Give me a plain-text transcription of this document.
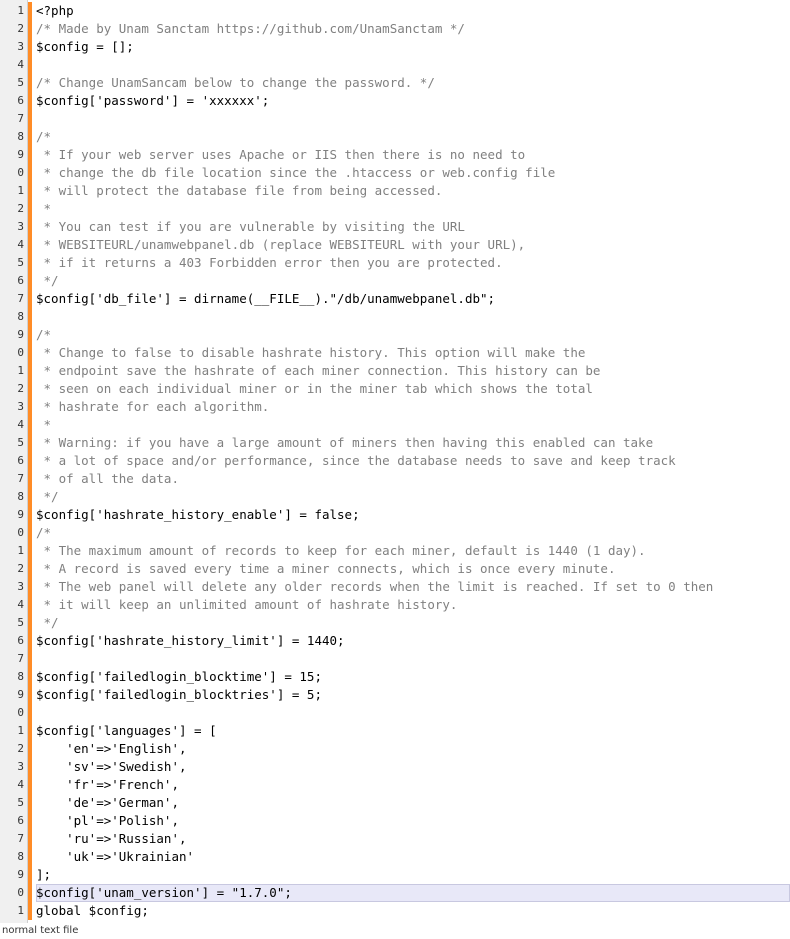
1
2
3
4
5
6
7
8
9
0
1
2
3
4
5
6
7
8
9
0
1
2
3
4
5
6
7
8
9
0
1
2
3
4
5
6
7
8
9
0
1
2
3
4
5
6
7
8
9
0
1
<?php
/* Made by Unam Sanctam https://github.com/UnamSanctam */
$config = [];

/* Change UnamSancam below to change the password. */
$config['password'] = 'xxxxxx';

/*
* If your web server uses Apache or IIS then there is no need to
* change the db file location since the .htaccess or web.config file
* will protect the database file from being accessed.
*
* You can test if you are vulnerable by visiting the URL
* WEBSITEURL/unamwebpanel.db (replace WEBSITEURL with your URL),
* if it returns a 403 Forbidden error then you are protected.
*/
$config['db_file'] = dirname(__FILE__)."/db/unamwebpanel.db";

/*
* Change to false to disable hashrate history. This option will make the
* endpoint save the hashrate of each miner connection. This history can be
* seen on each individual miner or in the miner tab which shows the total
* hashrate for each algorithm.
*
* Warning: if you have a large amount of miners then having this enabled can take
* a lot of space and/or performance, since the database needs to save and keep track
* of all the data.
*/
$config['hashrate_history_enable'] = false;
/*
* The maximum amount of records to keep for each miner, default is 1440 (1 day).
* A record is saved every time a miner connects, which is once every minute.
* The web panel will delete any older records when the limit is reached. If set to 0 then
* it will keep an unlimited amount of hashrate history.
*/
$config['hashrate_history_limit'] = 1440;

$config['failedlogin_blocktime'] = 15;
$config['failedlogin_blocktries'] = 5;

$config['languages'] = [
'en'=>'English',
'sv'=>'Swedish',
'fr'=>'French',
'de'=>'German',
'pl'=>'Polish',
'ru'=>'Russian',
'uk'=>'Ukrainian'
];
$config['unam_version'] = "1.7.0";
global $config;
normal text file
